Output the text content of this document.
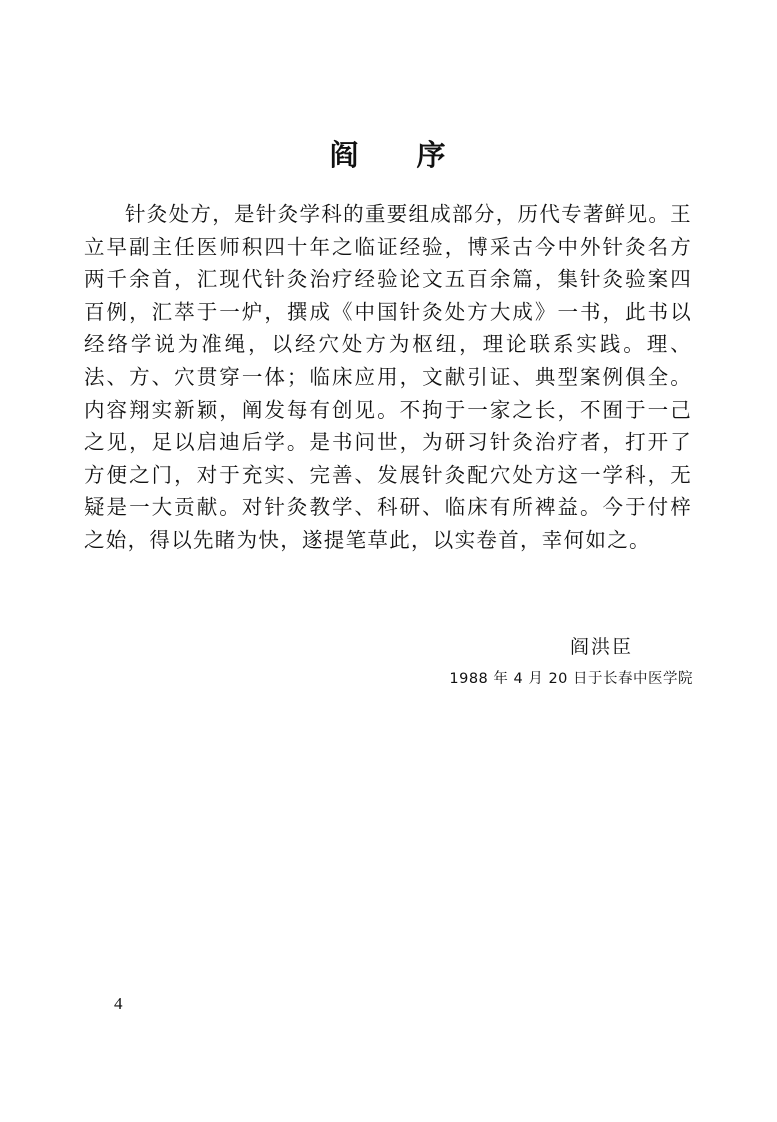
阎 序

针灸处方，是针灸学科的重要组成部分，历代专著鲜见。王立早副主任医师积四十年之临证经验，博采古今中外针灸名方两千余首，汇现代针灸治疗经验论文五百余篇，集针灸验案四百例，汇萃于一炉，撰成《中国针灸处方大成》一书，此书以经络学说为准绳，以经穴处方为枢纽，理论联系实践。理、法、方、穴贯穿一体；临床应用，文献引证、典型案例俱全。内容翔实新颖，阐发每有创见。不拘于一家之长，不囿于一己之见，足以启迪后学。是书问世，为研习针灸治疗者，打开了方便之门，对于充实、完善、发展针灸配穴处方这一学科，无疑是一大贡献。对针灸教学、科研、临床有所裨益。今于付梓之始，得以先睹为快，遂提笔草此，以实卷首，幸何如之。

阎洪臣
1988 年 4 月 20 日于长春中医学院
4
